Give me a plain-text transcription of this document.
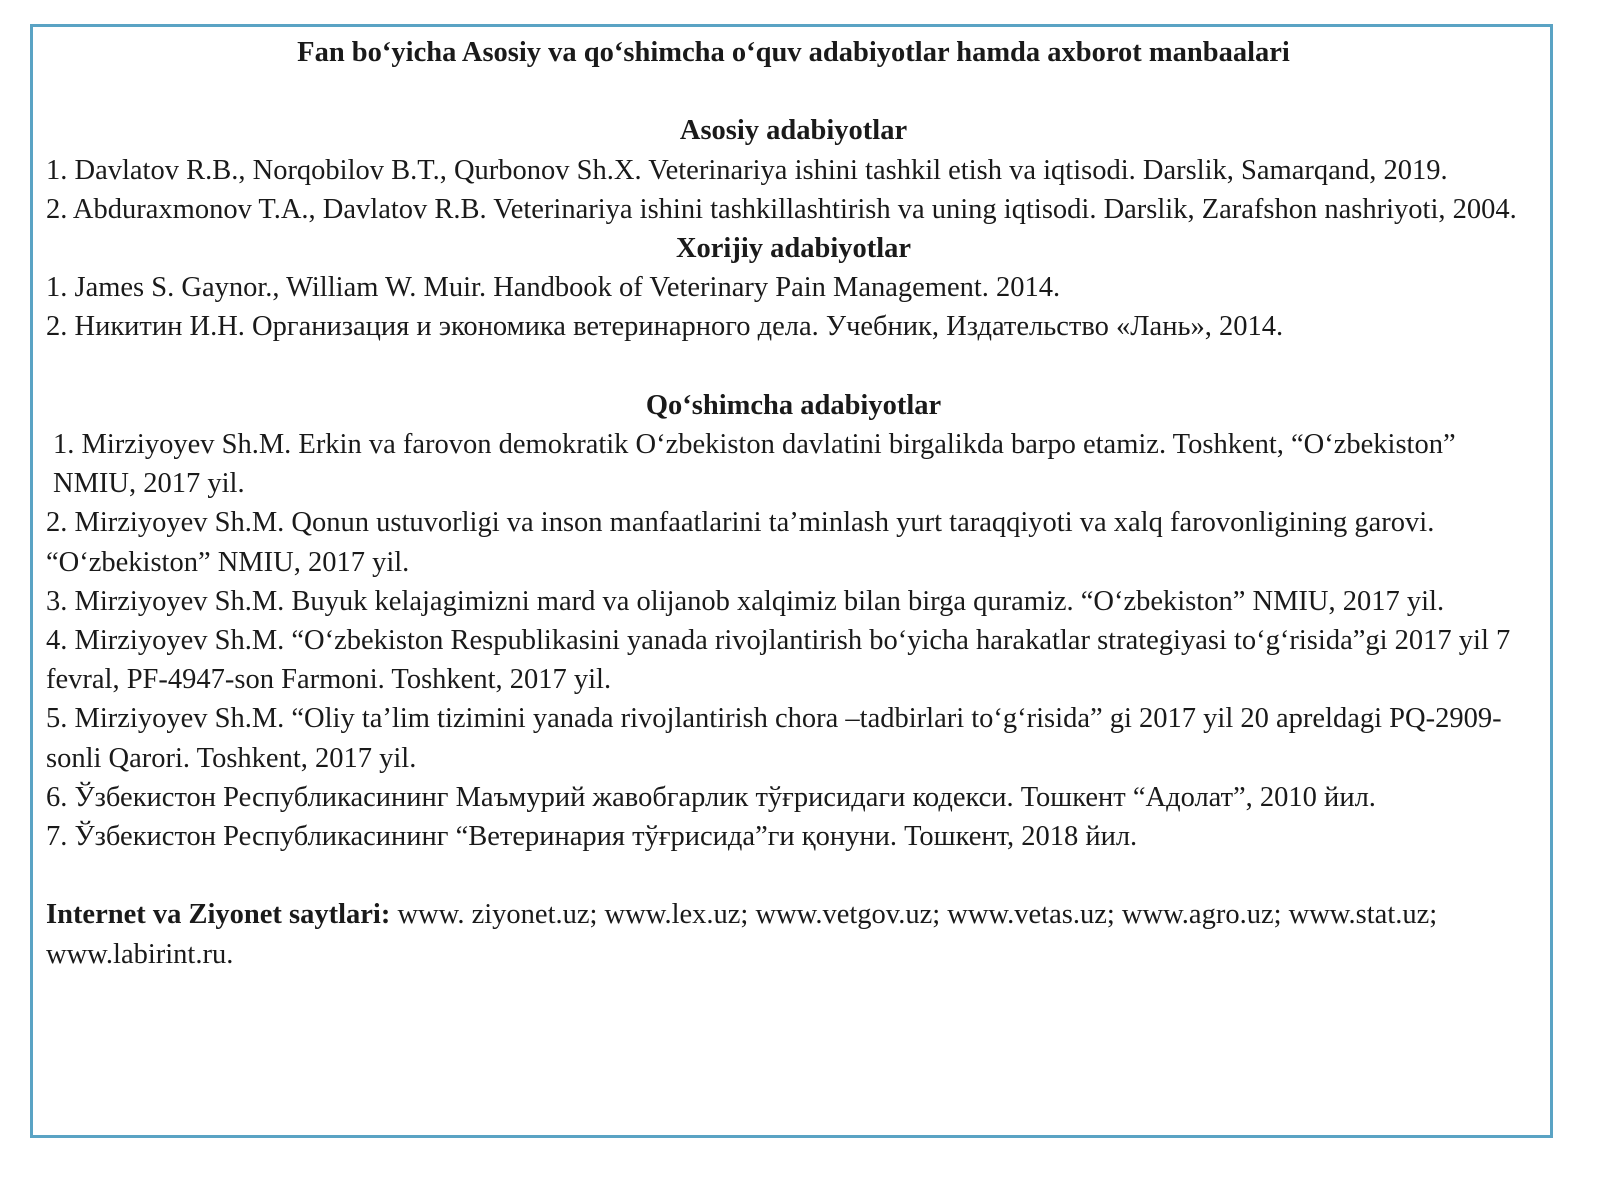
Fan bo‘yicha Asosiy va qo‘shimcha o‘quv adabiyotlar hamda axborot manbaalari
Asosiy adabiyotlar

1. Davlatov R.B., Norqobilov B.T., Qurbonov Sh.X. Veterinariya ishini tashkil etish va iqtisodi. Darslik, Samarqand, 2019.

2. Abduraxmonov T.A., Davlatov R.B. Veterinariya ishini tashkillashtirish va uning iqtisodi. Darslik, Zarafshon nashriyoti, 2004.

Xorijiy adabiyotlar

1. James S. Gaynor., William W. Muir. Handbook of Veterinary Pain Management. 2014.

2. Никитин И.Н. Организация и экономика ветеринарного дела. Учебник, Издательство «Лань», 2014.

Qo‘shimcha adabiyotlar

1. Mirziyoyev Sh.M. Erkin va farovon demokratik O‘zbekiston davlatini birgalikda barpo etamiz. Toshkent, “O‘zbekiston” NMIU, 2017 yil.

2. Mirziyoyev Sh.M. Qonun ustuvorligi va inson manfaatlarini ta’minlash yurt taraqqiyoti va xalq farovonligining garovi. “O‘zbekiston” NMIU, 2017 yil.

3. Mirziyoyev Sh.M. Buyuk kelajagimizni mard va olijanob xalqimiz bilan birga quramiz. “O‘zbekiston” NMIU, 2017 yil.

4. Mirziyoyev Sh.M. “O‘zbekiston Respublikasini yanada rivojlantirish bo‘yicha harakatlar strategiyasi to‘g‘risida”gi 2017 yil 7 fevral, PF-4947-son Farmoni. Toshkent, 2017 yil.

5. Mirziyoyev Sh.M. “Oliy ta’lim tizimini yanada rivojlantirish chora –tadbirlari to‘g‘risida” gi 2017 yil 20 apreldagi PQ-2909-sonli Qarori. Toshkent, 2017 yil.

6. Ўзбекистон Республикасининг Маъмурий жавобгарлик тўғрисидаги кодекси. Тошкент “Адолат”, 2010 йил.

7. Ўзбекистон Республикасининг “Ветеринария тўғрисида”ги қонуни. Тошкент, 2018 йил.

Internet va Ziyonet saytlari: www. ziyonet.uz; www.lex.uz; www.vetgov.uz; www.vetas.uz; www.agro.uz; www.stat.uz; www.labirint.ru.
